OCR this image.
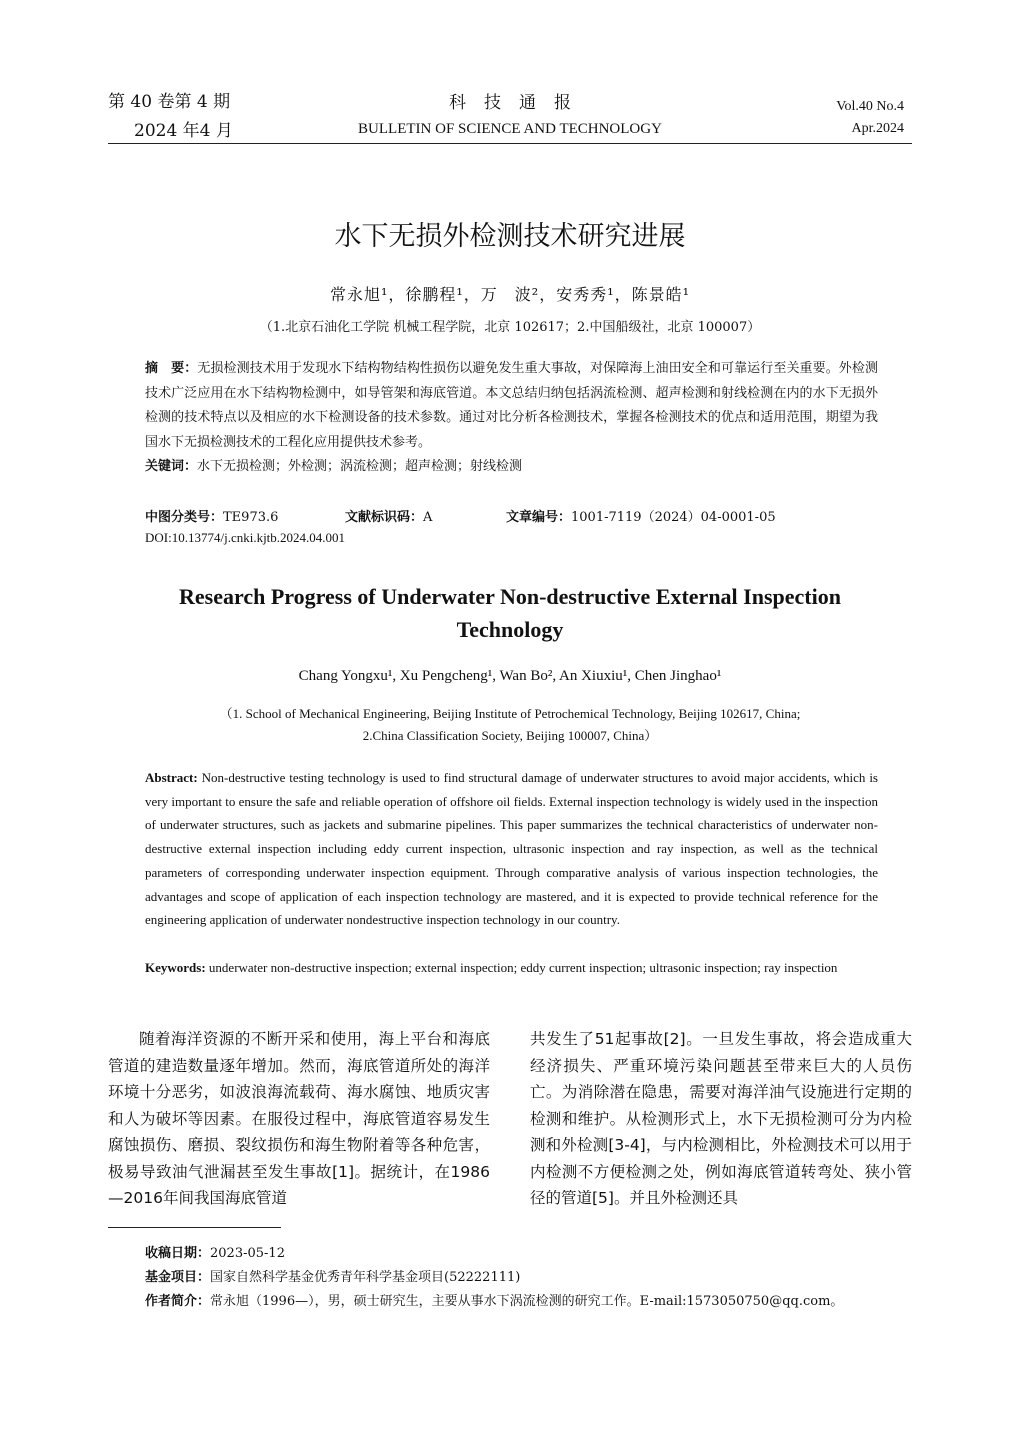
第 40 卷第 4 期
2024 年4 月
科技通报
BULLETIN OF SCIENCE AND TECHNOLOGY
Vol.40 No.4
Apr.2024
水下无损外检测技术研究进展
常永旭¹，徐鹏程¹，万　波²，安秀秀¹，陈景皓¹
（1.北京石油化工学院 机械工程学院，北京 102617；2.中国船级社，北京 100007）
摘　要：无损检测技术用于发现水下结构物结构性损伤以避免发生重大事故，对保障海上油田安全和可靠运行至关重要。外检测技术广泛应用在水下结构物检测中，如导管架和海底管道。本文总结归纳包括涡流检测、超声检测和射线检测在内的水下无损外检测的技术特点以及相应的水下检测设备的技术参数。通过对比分析各检测技术，掌握各检测技术的优点和适用范围，期望为我国水下无损检测技术的工程化应用提供技术参考。
关键词：水下无损检测；外检测；涡流检测；超声检测；射线检测
中图分类号：TE973.6	文献标识码：A	文章编号：1001-7119（2024）04-0001-05
DOI:10.13774/j.cnki.kjtb.2024.04.001
Research Progress of Underwater Non-destructive External Inspection Technology
Chang Yongxu¹, Xu Pengcheng¹, Wan Bo², An Xiuxiu¹, Chen Jinghao¹
（1. School of Mechanical Engineering, Beijing Institute of Petrochemical Technology, Beijing 102617, China;
2.China Classification Society, Beijing 100007, China）
Abstract: Non-destructive testing technology is used to find structural damage of underwater structures to avoid major accidents, which is very important to ensure the safe and reliable operation of offshore oil fields. External inspection technology is widely used in the inspection of underwater structures, such as jackets and submarine pipelines. This paper summarizes the technical characteristics of underwater non-destructive external inspection including eddy current inspection, ultrasonic inspection and ray inspection, as well as the technical parameters of corresponding underwater inspection equipment. Through comparative analysis of various inspection technologies, the advantages and scope of application of each inspection technology are mastered, and it is expected to provide technical reference for the engineering application of underwater nondestructive inspection technology in our country.
Keywords: underwater non-destructive inspection; external inspection; eddy current inspection; ultrasonic inspection; ray inspection
随着海洋资源的不断开采和使用，海上平台和海底管道的建造数量逐年增加。然而，海底管道所处的海洋环境十分恶劣，如波浪海流载荷、海水腐蚀、地质灾害和人为破坏等因素。在服役过程中，海底管道容易发生腐蚀损伤、磨损、裂纹损伤和海生物附着等各种危害，极易导致油气泄漏甚至发生事故[1]。据统计，在1986—2016年间我国海底管道
共发生了51起事故[2]。一旦发生事故，将会造成重大经济损失、严重环境污染问题甚至带来巨大的人员伤亡。为消除潜在隐患，需要对海洋油气设施进行定期的检测和维护。从检测形式上，水下无损检测可分为内检测和外检测[3-4]，与内检测相比，外检测技术可以用于内检测不方便检测之处，例如海底管道转弯处、狭小管径的管道[5]。并且外检测还具
收稿日期：2023-05-12
基金项目：国家自然科学基金优秀青年科学基金项目(52222111)
作者简介：常永旭（1996—），男，硕士研究生，主要从事水下涡流检测的研究工作。E-mail:1573050750@qq.com。
